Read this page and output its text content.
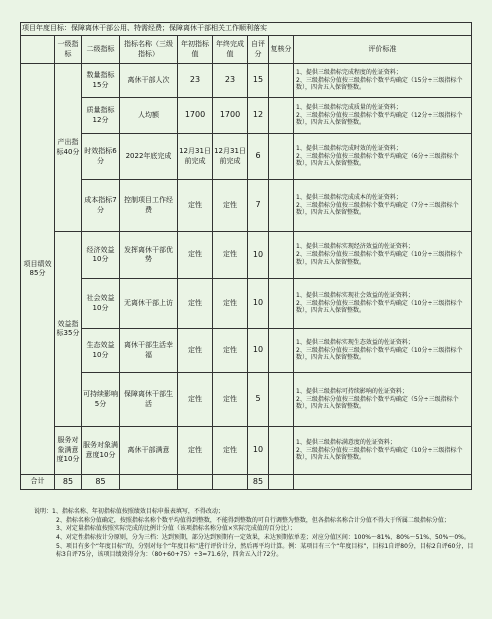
项目年度目标：保障离休干部公用、特需经费；保障离休干部相关工作顺利落实								
	一级指标	二级指标	指标名称（三级指标）	年初指标值	年终完成值	自评分	复核分	评价标准
项目绩效85分	产出指标40分	数量指标15分	离休干部人次	23	23	15		1、提供三级指标完成程度的佐证资料；
2、三级指标分值按三级指标个数平均确定（15分÷三级指标个数），四舍五入保留整数。
		质量指标12分	人均额	1700	1700	12		1、提供三级指标完成质量的佐证资料；
2、三级指标分值按三级指标个数平均确定（12分÷三级指标个数），四舍五入保留整数。
		时效指标6分	2022年底完成	12月31日前完成	12月31日前完成	6		1、提供三级指标完成时效的佐证资料；
2、三级指标分值按三级指标个数平均确定（6分÷三级指标个数），四舍五入保留整数。
		成本指标7分	控制项目工作经费	定性	定性	7		1、提供三级指标完成成本的佐证资料；
2、三级指标分值按三级指标个数平均确定（7分÷三级指标个数），四舍五入保留整数。
	效益指标35分	经济效益10分	发挥离休干部优势	定性	定性	10		1、提供三级指标实现经济效益的佐证资料；
2、三级指标分值按三级指标个数平均确定（10分÷三级指标个数），四舍五入保留整数。
		社会效益10分	无离休干部上访	定性	定性	10		1、提供三级指标实现社会效益的佐证资料；
2、三级指标分值按三级指标个数平均确定（10分÷三级指标个数），四舍五入保留整数。
		生态效益10分	离休干部生活幸福	定性	定性	10		1、提供三级指标实现生态效益的佐证资料；
2、三级指标分值按三级指标个数平均确定（10分÷三级指标个数），四舍五入保留整数。
		可持续影响5分	保障离休干部生活	定性	定性	5		1、提供三级指标可持续影响的佐证资料；
2、三级指标分值按三级指标个数平均确定（5分÷三级指标个数），四舍五入保留整数。
	服务对象满意度10分	服务对象满意度10分	离休干部满意	定性	定性	10		1、提供三级指标满意度的佐证资料；
2、三级指标分值按三级指标个数平均确定（10分÷三级指标个数），四舍五入保留整数。
合计	85	85				85		

说明：1、指标名称、年初指标值按照绩效目标申报表填写，不得改动；

2、指标名称分值确定，按照指标名称个数平均值得到整数，不能得到整数的可自行调整为整数，但各指标名称合计分值不得大于所属二级指标分值；

3、对定量指标值按照实际完成的比例计分值（该项指标名称分值×实际完成值的百分比）；

4、对定性指标按计分原则，分为三档：达到预期，部分达到预期有一定效果，未达预期依单差；对应分值区间：100%～81%、80%～51%、50%～0%。

5、项目有多个“年度目标”的，分别对每个“年度目标”进行评价计分，然后再平均计算。例：某项目有三个“年度目标”，目标1自评80分，目标2自评60分，目标3自评75分，该项目绩效得分为：（80+60+75）÷3=71.6分，四舍五入计72分。
